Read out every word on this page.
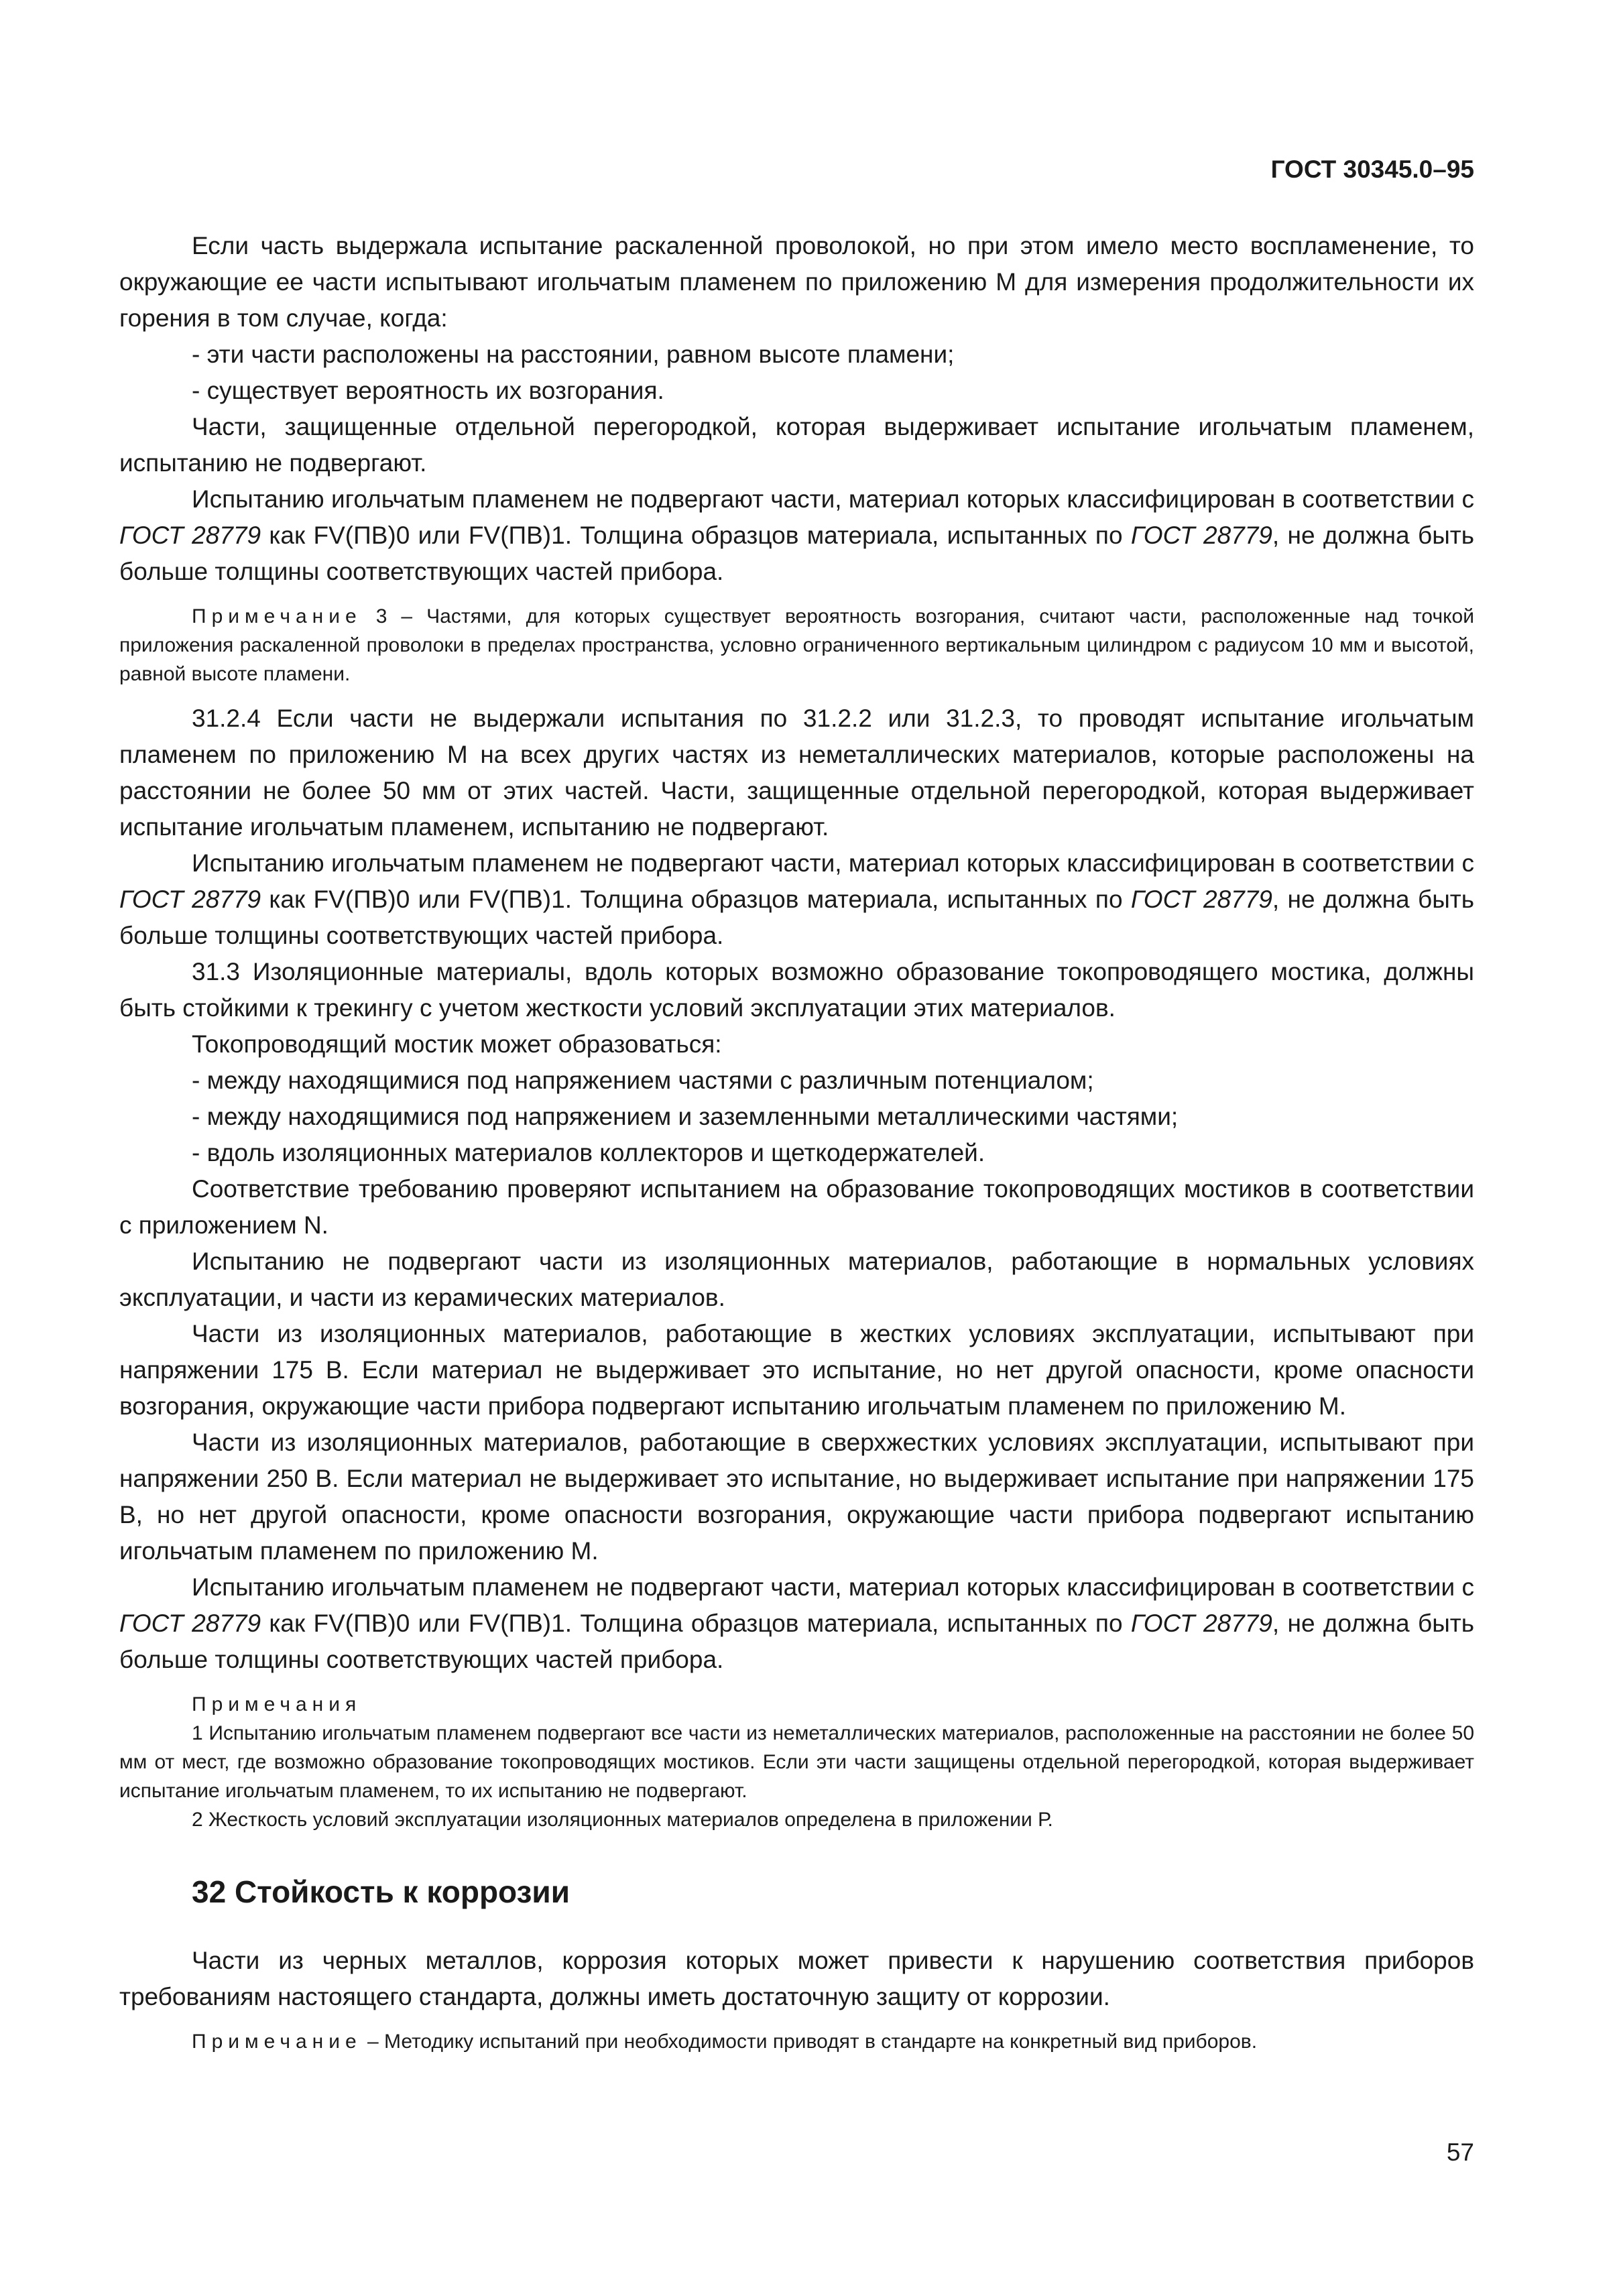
ГОСТ 30345.0–95

Если часть выдержала испытание раскаленной проволокой, но при этом имело место воспламенение, то окружающие ее части испытывают игольчатым пламенем по приложению М для измерения продолжительности их горения в том случае, когда:

- эти части расположены на расстоянии, равном высоте пламени;

- существует вероятность их возгорания.

Части, защищенные отдельной перегородкой, которая выдерживает испытание игольчатым пламенем, испытанию не подвергают.

Испытанию игольчатым пламенем не подвергают части, материал которых классифицирован в соответствии с ГОСТ 28779 как FV(ПВ)0 или FV(ПВ)1. Толщина образцов материала, испытанных по ГОСТ 28779, не должна быть больше толщины соответствующих частей прибора.

Примечание 3 – Частями, для которых существует вероятность возгорания, считают части, расположенные над точкой приложения раскаленной проволоки в пределах пространства, условно ограниченного вертикальным цилиндром с радиусом 10 мм и высотой, равной высоте пламени.

31.2.4 Если части не выдержали испытания по 31.2.2 или 31.2.3, то проводят испытание игольчатым пламенем по приложению М на всех других частях из неметаллических материалов, которые расположены на расстоянии не более 50 мм от этих частей. Части, защищенные отдельной перегородкой, которая выдерживает испытание игольчатым пламенем, испытанию не подвергают.

Испытанию игольчатым пламенем не подвергают части, материал которых классифицирован в соответствии с ГОСТ 28779 как FV(ПВ)0 или FV(ПВ)1. Толщина образцов материала, испытанных по ГОСТ 28779, не должна быть больше толщины соответствующих частей прибора.

31.3 Изоляционные материалы, вдоль которых возможно образование токопроводящего мостика, должны быть стойкими к трекингу с учетом жесткости условий эксплуатации этих материалов.

Токопроводящий мостик может образоваться:

- между находящимися под напряжением частями с различным потенциалом;

- между находящимися под напряжением и заземленными металлическими частями;

- вдоль изоляционных материалов коллекторов и щеткодержателей.

Соответствие требованию проверяют испытанием на образование токопроводящих мостиков в соответствии с приложением N.

Испытанию не подвергают части из изоляционных материалов, работающие в нормальных условиях эксплуатации, и части из керамических материалов.

Части из изоляционных материалов, работающие в жестких условиях эксплуатации, испытывают при напряжении 175 В. Если материал не выдерживает это испытание, но нет другой опасности, кроме опасности возгорания, окружающие части прибора подвергают испытанию игольчатым пламенем по приложению М.

Части из изоляционных материалов, работающие в сверхжестких условиях эксплуатации, испытывают при напряжении 250 В. Если материал не выдерживает это испытание, но выдерживает испытание при напряжении 175 В, но нет другой опасности, кроме опасности возгорания, окружающие части прибора подвергают испытанию игольчатым пламенем по приложению М.

Испытанию игольчатым пламенем не подвергают части, материал которых классифицирован в соответствии с ГОСТ 28779 как FV(ПВ)0 или FV(ПВ)1. Толщина образцов материала, испытанных по ГОСТ 28779, не должна быть больше толщины соответствующих частей прибора.

Примечания

1 Испытанию игольчатым пламенем подвергают все части из неметаллических материалов, расположенные на расстоянии не более 50 мм от мест, где возможно образование токопроводящих мостиков. Если эти части защищены отдельной перегородкой, которая выдерживает испытание игольчатым пламенем, то их испытанию не подвергают.

2 Жесткость условий эксплуатации изоляционных материалов определена в приложении Р.

32 Стойкость к коррозии

Части из черных металлов, коррозия которых может привести к нарушению соответствия приборов требованиям настоящего стандарта, должны иметь достаточную защиту от коррозии.

Примечание – Методику испытаний при необходимости приводят в стандарте на конкретный вид приборов.

57
